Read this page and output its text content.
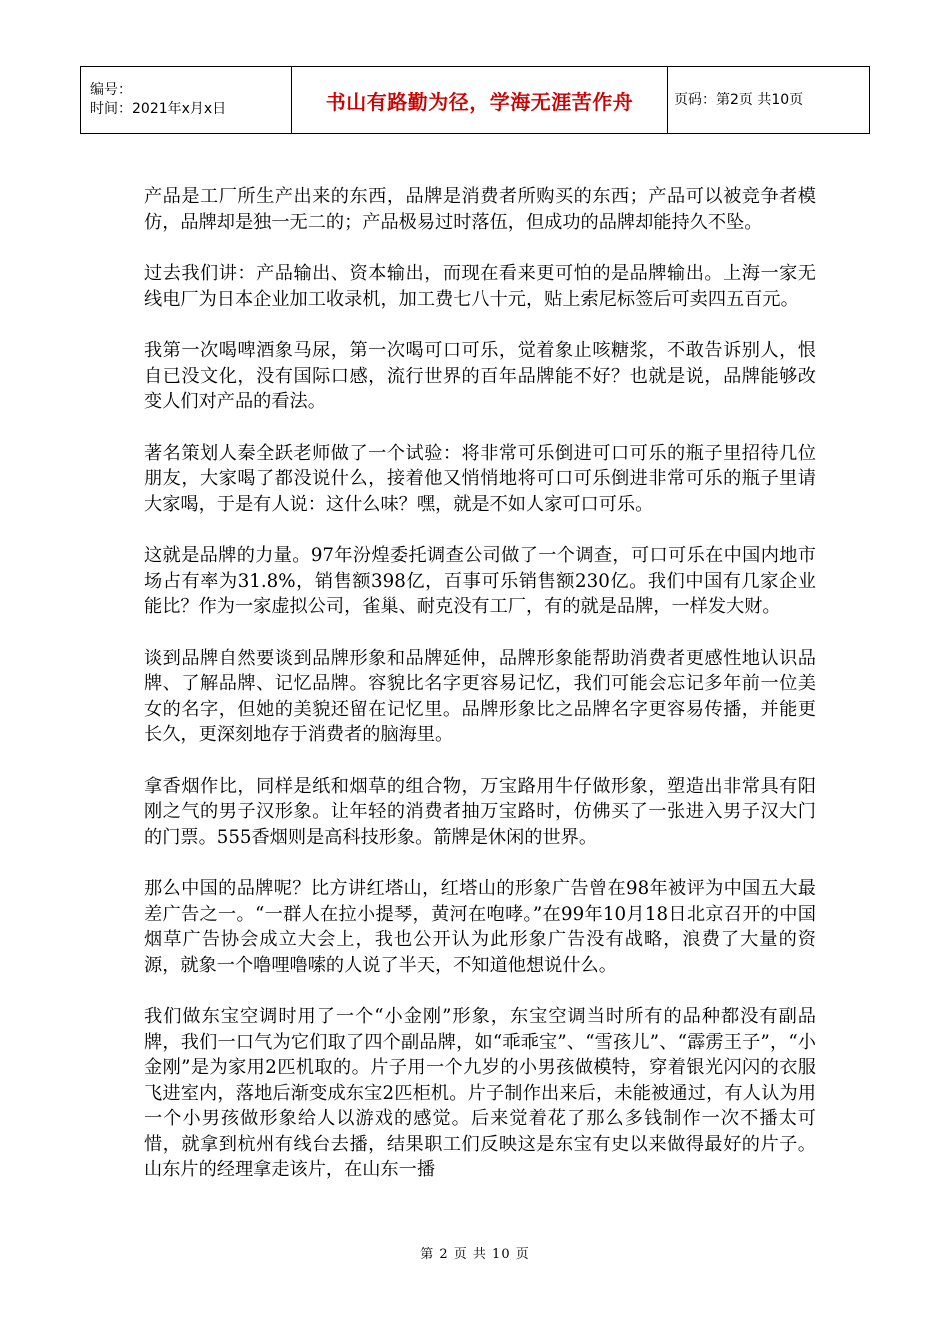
编号：
时间：2021年x月x日	书山有路勤为径，学海无涯苦作舟	页码：第2页 共10页

产品是工厂所生产出来的东西，品牌是消费者所购买的东西；产品可以被竞争者模仿，品牌却是独一无二的；产品极易过时落伍，但成功的品牌却能持久不坠。

过去我们讲：产品输出、资本输出，而现在看来更可怕的是品牌输出。上海一家无线电厂为日本企业加工收录机，加工费七八十元，贴上索尼标签后可卖四五百元。

我第一次喝啤酒象马尿，第一次喝可口可乐，觉着象止咳糖浆，不敢告诉别人，恨自已没文化，没有国际口感，流行世界的百年品牌能不好？也就是说，品牌能够改变人们对产品的看法。

著名策划人秦全跃老师做了一个试验：将非常可乐倒进可口可乐的瓶子里招待几位朋友，大家喝了都没说什么，接着他又悄悄地将可口可乐倒进非常可乐的瓶子里请大家喝，于是有人说：这什么味？嘿，就是不如人家可口可乐。

这就是品牌的力量。97年汾煌委托调查公司做了一个调查，可口可乐在中国内地市场占有率为31.8%，销售额398亿，百事可乐销售额230亿。我们中国有几家企业能比？作为一家虚拟公司，雀巢、耐克没有工厂，有的就是品牌，一样发大财。

谈到品牌自然要谈到品牌形象和品牌延伸，品牌形象能帮助消费者更感性地认识品牌、了解品牌、记忆品牌。容貌比名字更容易记忆，我们可能会忘记多年前一位美女的名字，但她的美貌还留在记忆里。品牌形象比之品牌名字更容易传播，并能更长久，更深刻地存于消费者的脑海里。

拿香烟作比，同样是纸和烟草的组合物，万宝路用牛仔做形象，塑造出非常具有阳刚之气的男子汉形象。让年轻的消费者抽万宝路时，仿佛买了一张进入男子汉大门的门票。555香烟则是高科技形象。箭牌是休闲的世界。

那么中国的品牌呢？比方讲红塔山，红塔山的形象广告曾在98年被评为中国五大最差广告之一。“一群人在拉小提琴，黄河在咆哮。”在99年10月18日北京召开的中国烟草广告协会成立大会上，我也公开认为此形象广告没有战略，浪费了大量的资源，就象一个噜哩噜嗦的人说了半天，不知道他想说什么。

我们做东宝空调时用了一个“小金刚”形象，东宝空调当时所有的品种都没有副品牌，我们一口气为它们取了四个副品牌，如“乖乖宝”、“雪孩儿”、“霹雳王子”，“小金刚”是为家用2匹机取的。片子用一个九岁的小男孩做模特，穿着银光闪闪的衣服飞进室内，落地后渐变成东宝2匹柜机。片子制作出来后，未能被通过，有人认为用一个小男孩做形象给人以游戏的感觉。后来觉着花了那么多钱制作一次不播太可惜，就拿到杭州有线台去播，结果职工们反映这是东宝有史以来做得最好的片子。山东片的经理拿走该片，在山东一播

第 2 页 共 10 页
